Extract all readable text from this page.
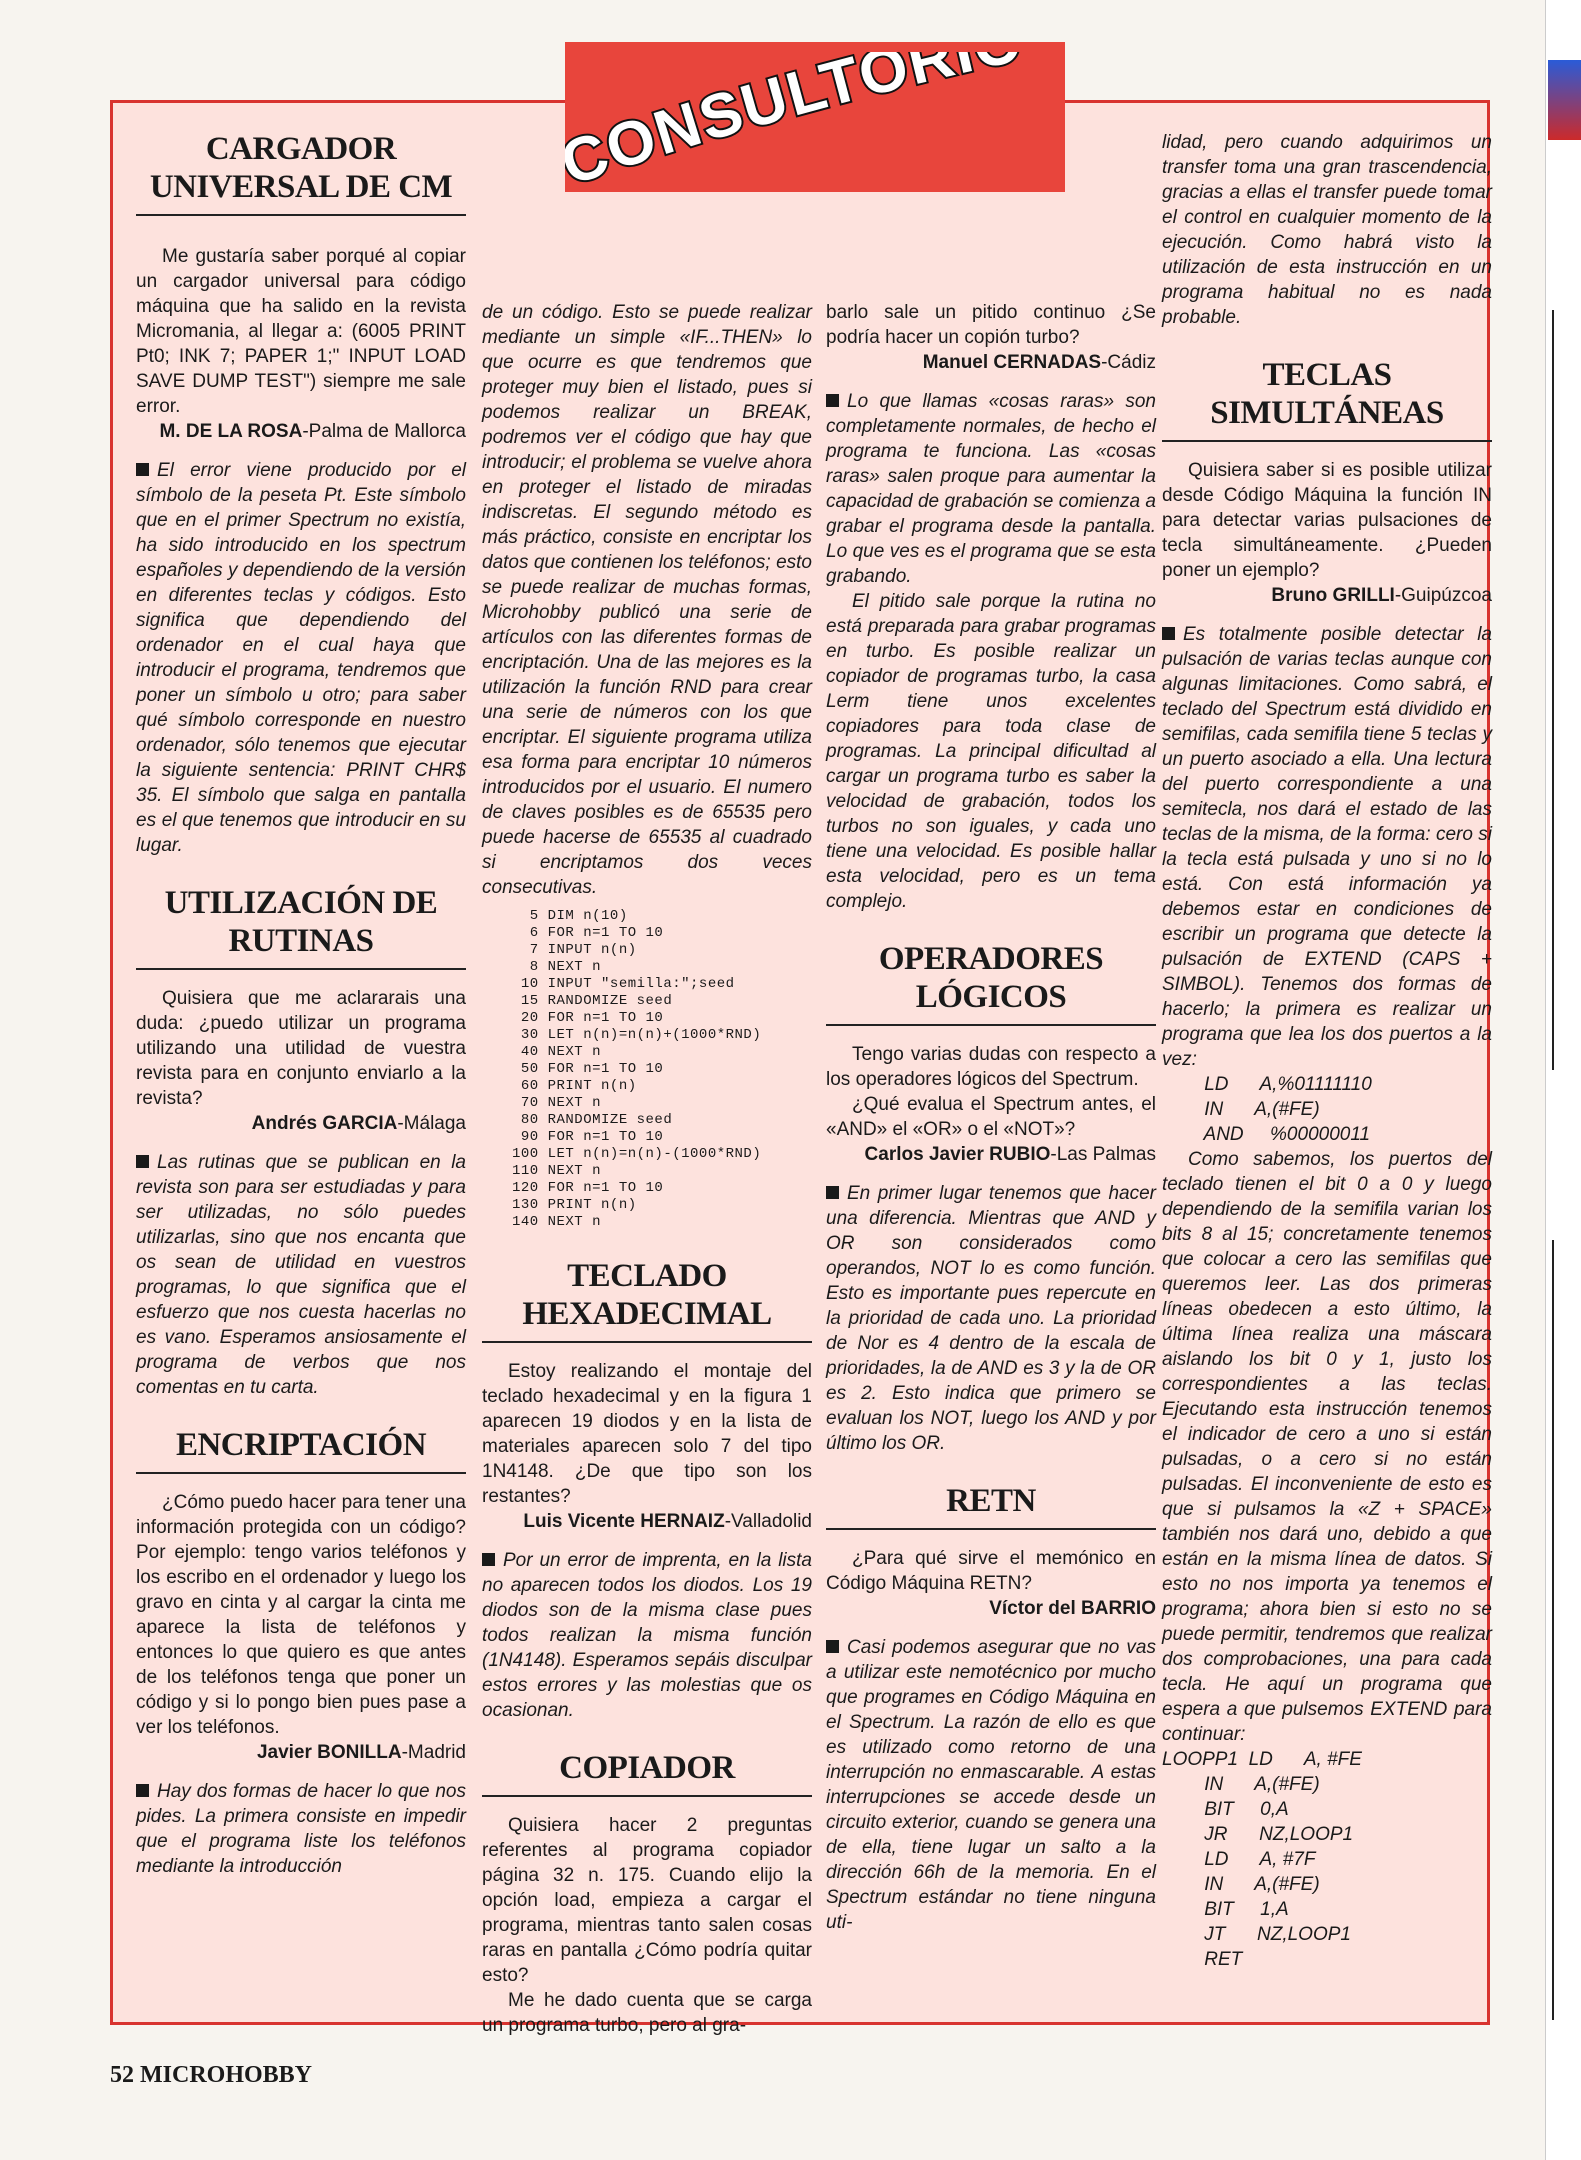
ONSULTOR
CARGADOR UNIVERSAL DE CM

Me gustaría saber porqué al copiar un cargador universal para código máquina que ha salido en la revista Micromania, al llegar a: (6005 PRINT Pt0; INK 7; PAPER 1;" INPUT LOAD SAVE DUMP TEST") siempre me sale error.

M. DE LA ROSA-Palma de Mallorca

El error viene producido por el símbolo de la peseta Pt. Este símbolo que en el primer Spectrum no existía, ha sido introducido en los spectrum españoles y dependiendo de la versión en diferentes teclas y códigos. Esto significa que dependiendo del ordenador en el cual haya que introducir el programa, tendremos que poner un símbolo u otro; para saber qué símbolo corresponde en nuestro ordenador, sólo tenemos que ejecutar la siguiente sentencia: PRINT CHR$ 35. El símbolo que salga en pantalla es el que tenemos que introducir en su lugar.

UTILIZACIÓN DE RUTINAS

Quisiera que me aclararais una duda: ¿puedo utilizar un programa utilizando una utilidad de vuestra revista para en conjunto enviarlo a la revista?

Andrés GARCIA-Málaga

Las rutinas que se publican en la revista son para ser estudiadas y para ser utilizadas, no sólo puedes utilizarlas, sino que nos encanta que os sean de utilidad en vuestros programas, lo que significa que el esfuerzo que nos cuesta hacerlas no es vano. Esperamos ansiosamente el programa de verbos que nos comentas en tu carta.

ENCRIPTACIÓN

¿Cómo puedo hacer para tener una información protegida con un código? Por ejemplo: tengo varios teléfonos y los escribo en el ordenador y luego los gravo en cinta y al cargar la cinta me aparece la lista de teléfonos y entonces lo que quiero es que antes de los teléfonos tenga que poner un código y si lo pongo bien pues pase a ver los teléfonos.

Javier BONILLA-Madrid

Hay dos formas de hacer lo que nos pides. La primera consiste en impedir que el programa liste los teléfonos mediante la introducción

de un código. Esto se puede realizar mediante un simple «IF...THEN» lo que ocurre es que tendremos que proteger muy bien el listado, pues si podemos realizar un BREAK, podremos ver el código que hay que introducir; el problema se vuelve ahora en proteger el listado de miradas indiscretas. El segundo método es más práctico, consiste en encriptar los datos que contienen los teléfonos; esto se puede realizar de muchas formas, Microhobby publicó una serie de artículos con las diferentes formas de encriptación. Una de las mejores es la utilización la función RND para crear una serie de números con los que encriptar. El siguiente programa utiliza esa forma para encriptar 10 números introducidos por el usuario. El numero de claves posibles es de 65535 pero puede hacerse de 65535 al cuadrado si encriptamos dos veces consecutivas.

5 DIM n(10)
6 FOR n=1 TO 10
7 INPUT n(n)
8 NEXT n
10 INPUT "semilla:";seed
15 RANDOMIZE seed
20 FOR n=1 TO 10
30 LET n(n)=n(n)+(1000*RND)
40 NEXT n
50 FOR n=1 TO 10
60 PRINT n(n)
70 NEXT n
80 RANDOMIZE seed
90 FOR n=1 TO 10
100 LET n(n)=n(n)-(1000*RND)
110 NEXT n
120 FOR n=1 TO 10
130 PRINT n(n)
140 NEXT n
TECLADO HEXADECIMAL

Estoy realizando el montaje del teclado hexadecimal y en la figura 1 aparecen 19 diodos y en la lista de materiales aparecen solo 7 del tipo 1N4148. ¿De que tipo son los restantes?

Luis Vicente HERNAIZ-Valladolid

Por un error de imprenta, en la lista no aparecen todos los diodos. Los 19 diodos son de la misma clase pues todos realizan la misma función (1N4148). Esperamos sepáis disculpar estos errores y las molestias que os ocasionan.

COPIADOR

Quisiera hacer 2 preguntas referentes al programa copiador página 32 n. 175. Cuando elijo la opción load, empieza a cargar el programa, mientras tanto salen cosas raras en pantalla ¿Cómo podría quitar esto?

Me he dado cuenta que se carga un programa turbo, pero al gra-

barlo sale un pitido continuo ¿Se podría hacer un copión turbo?

Manuel CERNADAS-Cádiz

Lo que llamas «cosas raras» son completamente normales, de hecho el programa te funciona. Las «cosas raras» salen proque para aumentar la capacidad de grabación se comienza a grabar el programa desde la pantalla. Lo que ves es el programa que se esta grabando.

El pitido sale porque la rutina no está preparada para grabar programas en turbo. Es posible realizar un copiador de programas turbo, la casa Lerm tiene unos excelentes copiadores para toda clase de programas. La principal dificultad al cargar un programa turbo es saber la velocidad de grabación, todos los turbos no son iguales, y cada uno tiene una velocidad. Es posible hallar esta velocidad, pero es un tema complejo.

OPERADORES LÓGICOS

Tengo varias dudas con respecto a los operadores lógicos del Spectrum.

¿Qué evalua el Spectrum antes, el «AND» el «OR» o el «NOT»?

Carlos Javier RUBIO-Las Palmas

En primer lugar tenemos que hacer una diferencia. Mientras que AND y OR son considerados como operandos, NOT lo es como función. Esto es importante pues repercute en la prioridad de cada uno. La prioridad de Nor es 4 dentro de la escala de prioridades, la de AND es 3 y la de OR es 2. Esto indica que primero se evaluan los NOT, luego los AND y por último los OR.

RETN

¿Para qué sirve el memónico en Código Máquina RETN?

Víctor del BARRIO

Casi podemos asegurar que no vas a utilizar este nemotécnico por mucho que programes en Código Máquina en el Spectrum. La razón de ello es que es utilizado como retorno de una interrupción no enmascarable. A estas interrupciones se accede desde un circuito exterior, cuando se genera una de ella, tiene lugar un salto a la dirección 66h de la memoria. En el Spectrum estándar no tiene ninguna uti-

lidad, pero cuando adquirimos un transfer toma una gran trascendencia, gracias a ellas el transfer puede tomar el control en cualquier momento de la ejecución. Como habrá visto la utilización de esta instrucción en un programa habitual no es nada probable.

TECLAS SIMULTÁNEAS

Quisiera saber si es posible utilizar desde Código Máquina la función IN para detectar varias pulsaciones de tecla simultáneamente. ¿Pueden poner un ejemplo?

Bruno GRILLI-Guipúzcoa

Es totalmente posible detectar la pulsación de varias teclas aunque con algunas limitaciones. Como sabrá, el teclado del Spectrum está dividido en semifilas, cada semifila tiene 5 teclas y un puerto asociado a ella. Una lectura del puerto correspondiente a una semitecla, nos dará el estado de las teclas de la misma, de la forma: cero si la tecla está pulsada y uno si no lo está. Con está información ya debemos estar en condiciones de escribir un programa que detecte la pulsación de EXTEND (CAPS + SIMBOL). Tenemos dos formas de hacerlo; la primera es realizar un programa que lea los dos puertos a la vez:

LD      A,%01111110
IN      A,(#FE)
AND     %00000011

Como sabemos, los puertos del teclado tienen el bit 0 a 0 y luego dependiendo de la semifila varian los bits 8 al 15; concretamente tenemos que colocar a cero las semifilas que queremos leer. Las dos primeras líneas obedecen a esto último, la última línea realiza una máscara aislando los bit 0 y 1, justo los correspondientes a las teclas. Ejecutando esta instrucción tenemos el indicador de cero a uno si están pulsadas, o a cero si no están pulsadas. El inconveniente de esto es que si pulsamos la «Z + SPACE» también nos dará uno, debido a que están en la misma línea de datos. Si esto no nos importa ya tenemos el programa; ahora bien si esto no se puede permitir, tendremos que realizar dos comprobaciones, una para cada tecla. He aquí un programa que espera a que pulsemos EXTEND para continuar:

LOOPP1  LD      A, #FE
IN      A,(#FE)
BIT     0,A
JR      NZ,LOOP1
LD      A, #7F
IN      A,(#FE)
BIT     1,A
JT      NZ,LOOP1
RET
52 MICROHOBBY
